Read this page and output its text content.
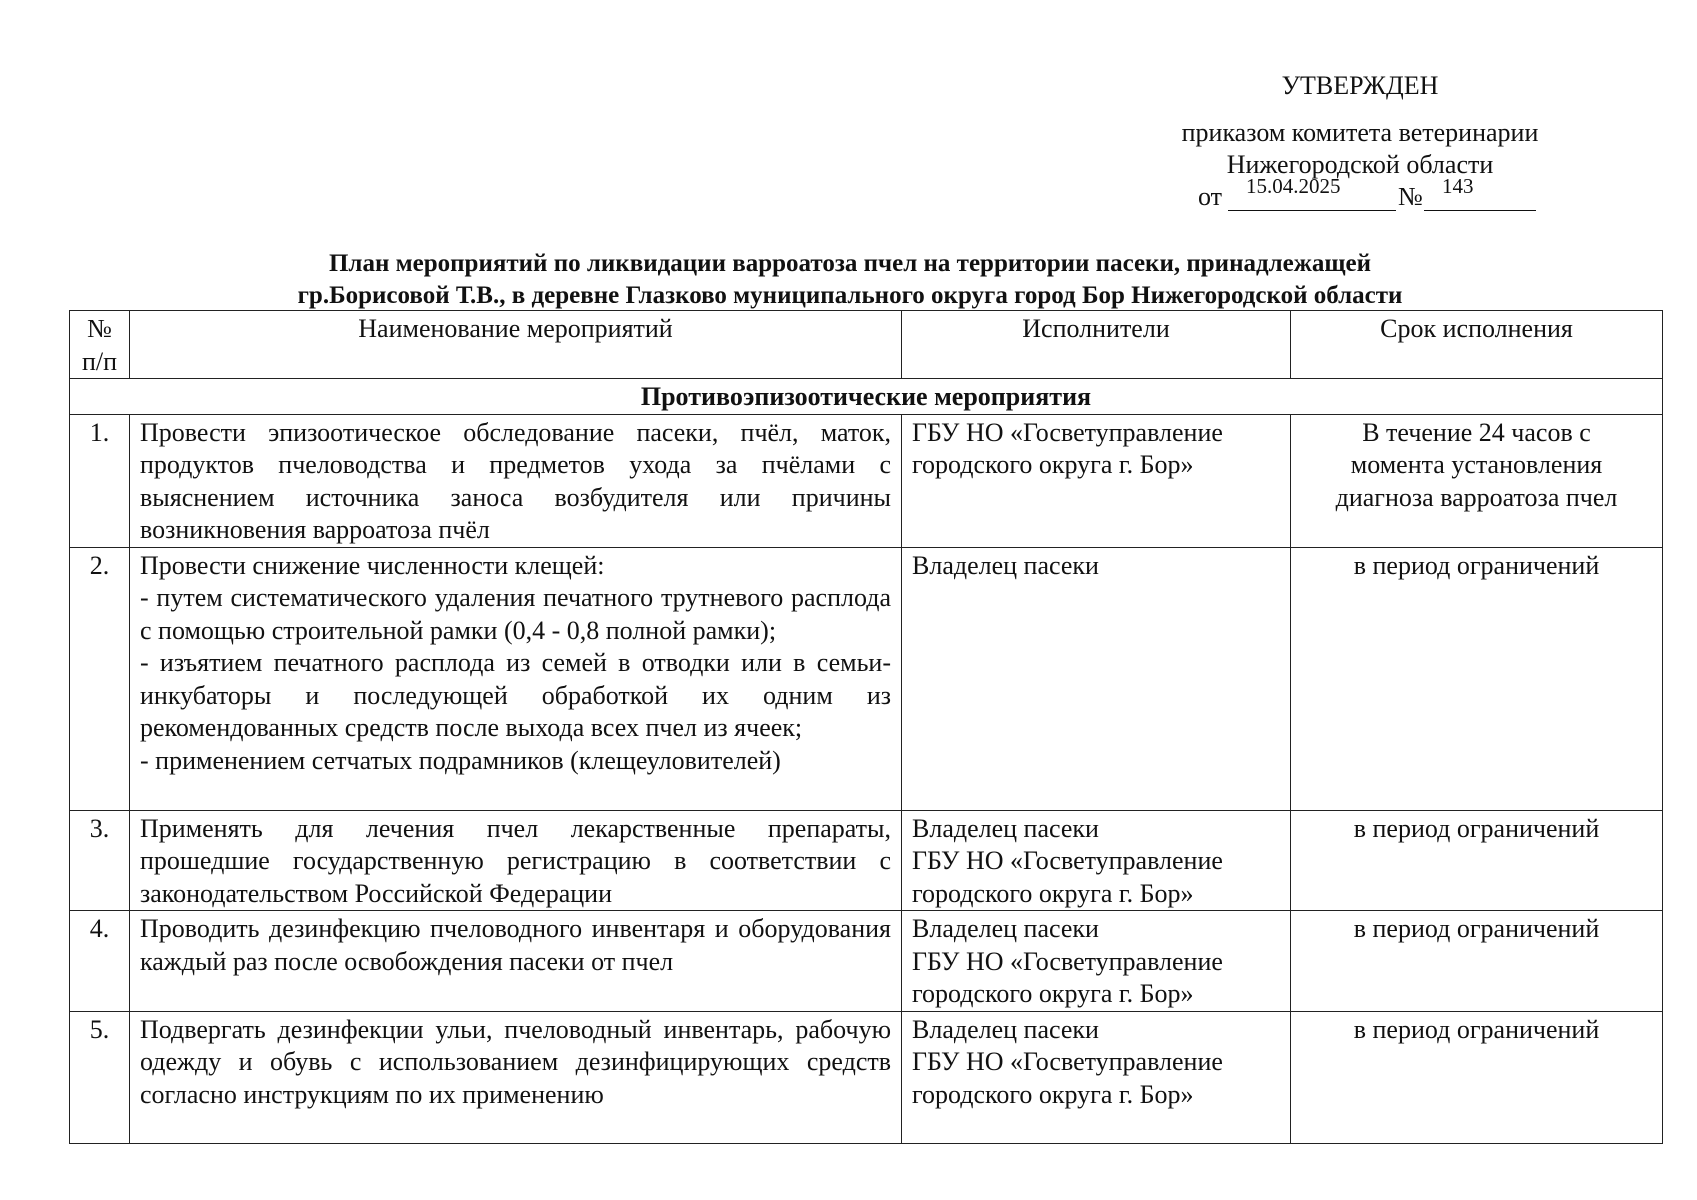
УТВЕРЖДЕН
приказом комитета ветеринарии
Нижегородской области
от 15.04.2025 № 143
План мероприятий по ликвидации варроатоза пчел на территории пасеки, принадлежащей
гр.Борисовой Т.В., в деревне Глазково муниципального округа город Бор Нижегородской области
№
п/п	Наименование мероприятий	Исполнители	Срок исполнения
Противоэпизоотические мероприятия			
1.	Провести эпизоотическое обследование пасеки, пчёл, маток, продуктов пчеловодства и предметов ухода за пчёлами с выяснением источника заноса возбудителя или причины возникновения варроатоза пчёл	ГБУ НО «Госветуправление
городского округа г. Бор»	В течение 24 часов с
момента установления
диагноза варроатоза пчел

2.	Провести снижение численности клещей:
- путем систематического удаления печатного трутневого расплода с помощью строительной рамки (0,4 - 0,8 полной рамки);
- изъятием печатного расплода из семей в отводки или в семьи-инкубаторы и последующей обработкой их одним из рекомендованных средств после выхода всех пчел из ячеек;
- применением сетчатых подрамников (клещеуловителей)	Владелец пасеки	в период ограничений

3.	Применять для лечения пчел лекарственные препараты, прошедшие государственную регистрацию в соответствии с законодательством Российской Федерации	Владелец пасеки
ГБУ НО «Госветуправление
городского округа г. Бор»	в период ограничений

4.	Проводить дезинфекцию пчеловодного инвентаря и оборудования каждый раз после освобождения пасеки от пчел	Владелец пасеки
ГБУ НО «Госветуправление
городского округа г. Бор»	в период ограничений

5.	Подвергать дезинфекции ульи, пчеловодный инвентарь, рабочую одежду и обувь с использованием дезинфицирующих средств согласно инструкциям по их применению	Владелец пасеки
ГБУ НО «Госветуправление
городского округа г. Бор»	в период ограничений
